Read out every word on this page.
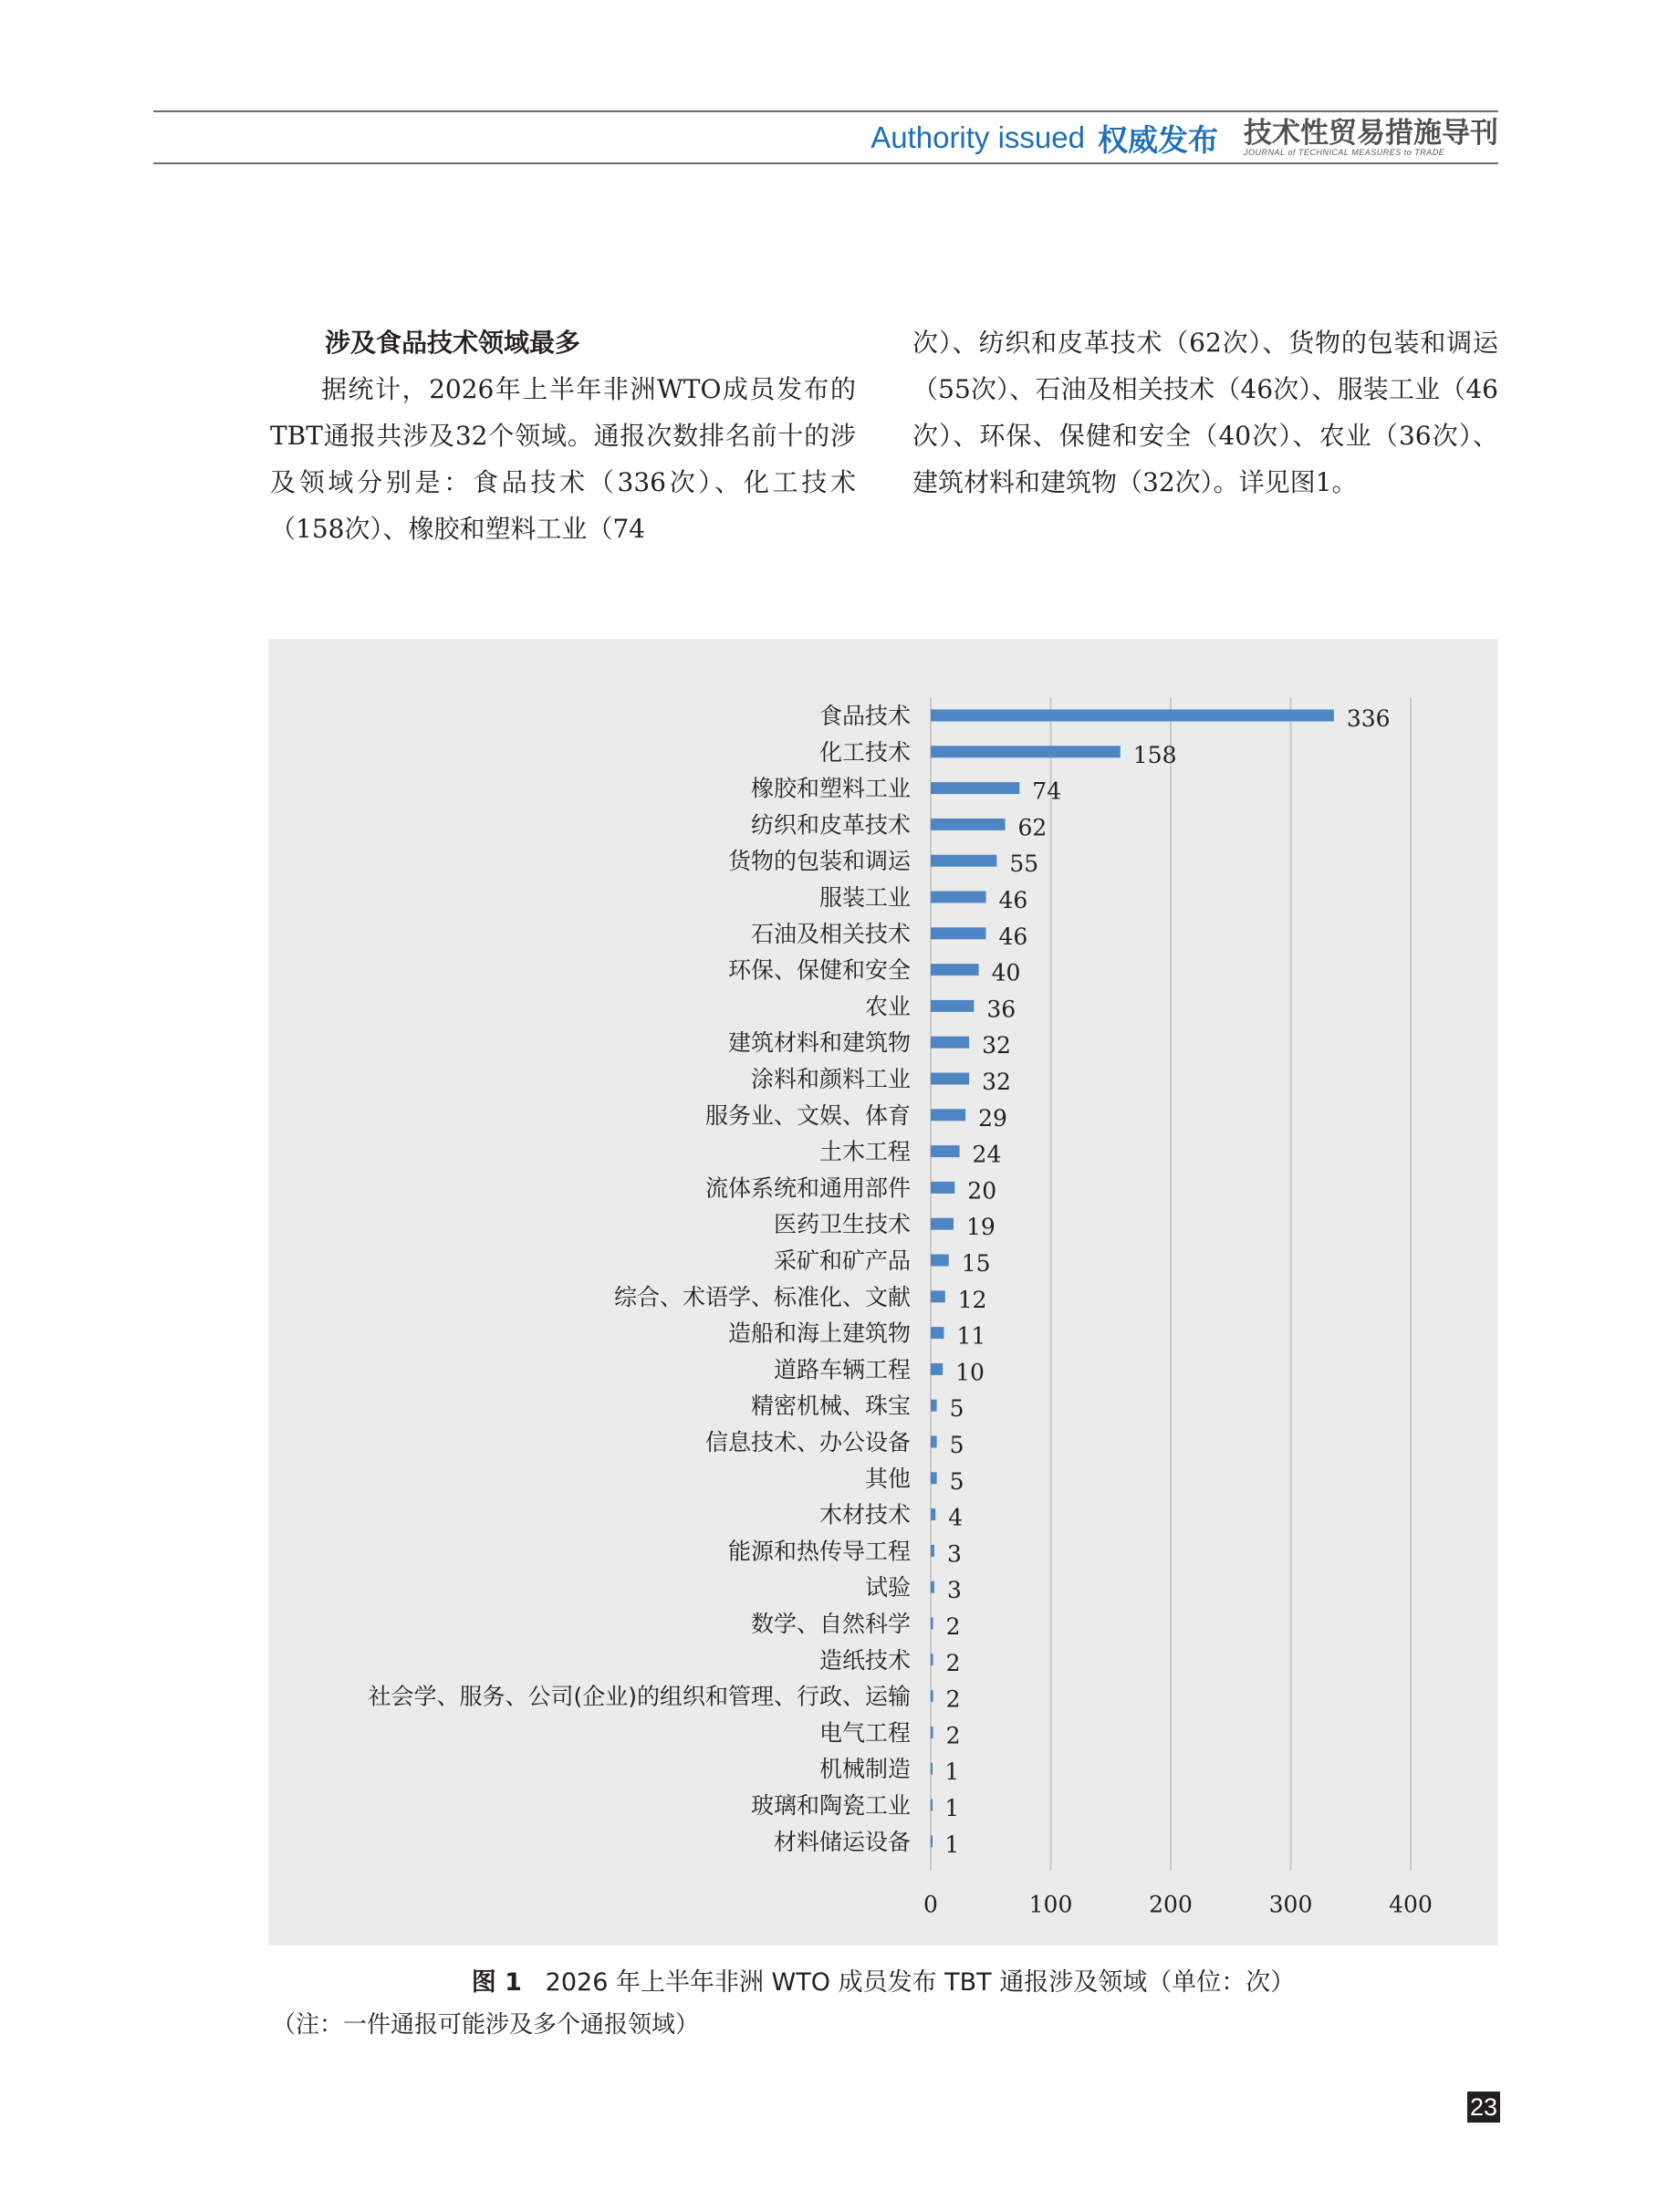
Authority issued 权威发布 技术性贸易措施导刊
JOURNAL of TECHNICAL MEASURES to TRADE

涉及食品技术领域最多

据统计，2026年上半年非洲WTO成员发布的TBT通报共涉及32个领域。通报次数排名前十的涉及领域分别是：食品技术（336次）、化工技术（158次）、橡胶和塑料工业（74

次）、纺织和皮革技术（62次）、货物的包装和调运（55次）、石油及相关技术（46次）、服装工业（46次）、环保、保健和安全（40次）、农业（36次）、建筑材料和建筑物（32次）。详见图1。

食品技术	336
化工技术	158
橡胶和塑料工业	74
纺织和皮革技术	62
货物的包装和调运	55
服装工业	46
石油及相关技术	46
环保、保健和安全	40
农业	36
建筑材料和建筑物	32
涂料和颜料工业	32
服务业、文娱、体育	29
土木工程	24
流体系统和通用部件 20
医药卫生技术 19
采矿和矿产品 15
综合、术语学、标准化、文献 12
造船和海上建筑物 11
道路车辆工程 10
精密机械、珠宝 5
信息技术、办公设备 5
其他 5
木材技术 4
能源和热传导工程 3
试验 3
数学、自然科学 2
造纸技术 2
社会学、服务、公司(企业)的组织和管理、行政、运输 2
电气工程 2
机械制造 1
玻璃和陶瓷工业 1
材料储运设备 1
0	100	200	300	400
图 1 2026 年上半年非洲 WTO 成员发布 TBT 通报涉及领域（单位：次）
（注：一件通报可能涉及多个通报领域）
23
